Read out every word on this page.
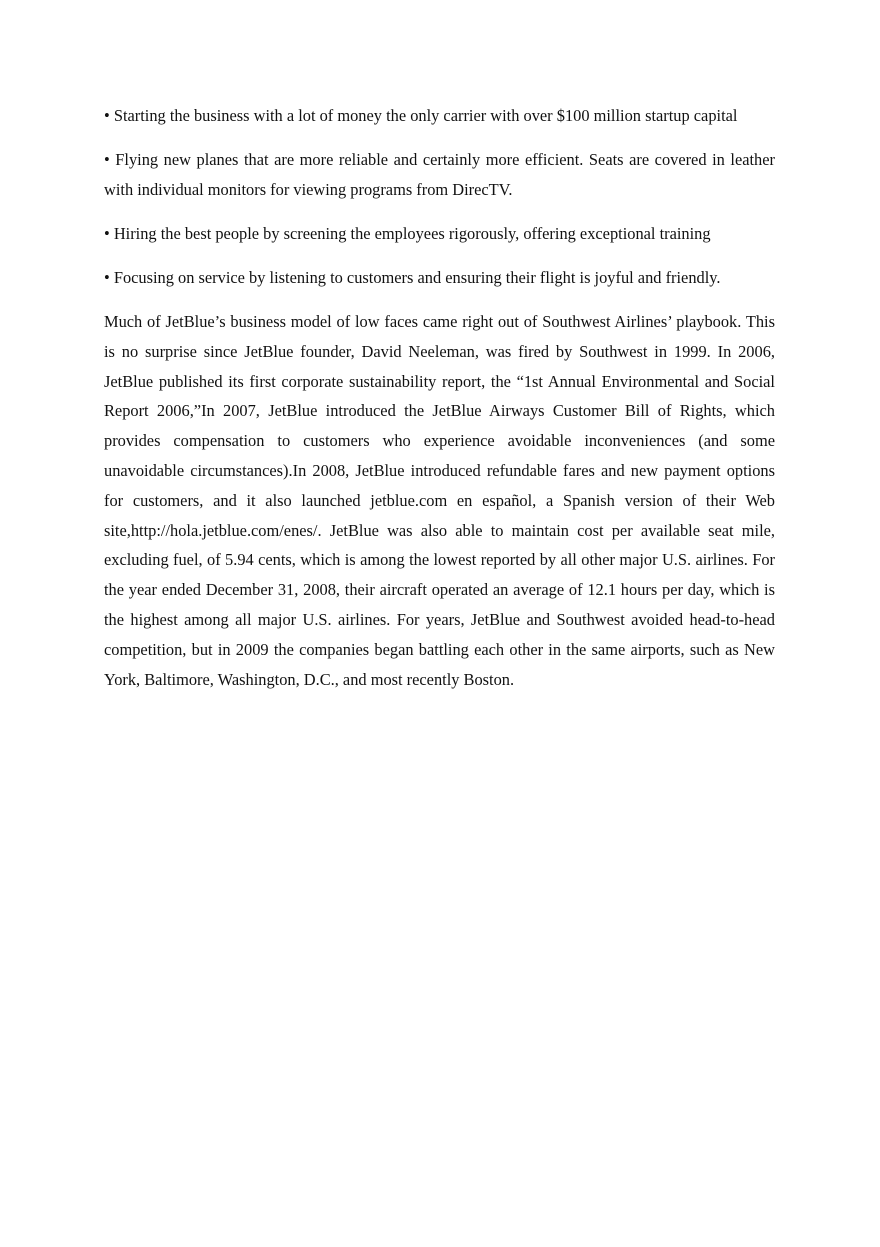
• Starting the business with a lot of money the only carrier with over $100 million startup capital

• Flying new planes that are more reliable and certainly more efficient. Seats are covered in leather with individual monitors for viewing programs from DirecTV.

• Hiring the best people by screening the employees rigorously, offering exceptional training

• Focusing on service by listening to customers and ensuring their flight is joyful and friendly.

Much of JetBlue’s business model of low faces came right out of Southwest Airlines’ playbook. This is no surprise since JetBlue founder, David Neeleman, was fired by Southwest in 1999. In 2006, JetBlue published its first corporate sustainability report, the “1st Annual Environmental and Social Report 2006,”In 2007, JetBlue introduced the JetBlue Airways Customer Bill of Rights, which provides compensation to customers who experience avoidable inconveniences (and some unavoidable circumstances).In 2008, JetBlue introduced refundable fares and new payment options for customers, and it also launched jetblue.com en español, a Spanish version of their Web site,http://hola.jetblue.com/enes/. JetBlue was also able to maintain cost per available seat mile, excluding fuel, of 5.94 cents, which is among the lowest reported by all other major U.S. airlines. For the year ended December 31, 2008, their aircraft operated an average of 12.1 hours per day, which is the highest among all major U.S. airlines. For years, JetBlue and Southwest avoided head-to-head competition, but in 2009 the companies began battling each other in the same airports, such as New York, Baltimore, Washington, D.C., and most recently Boston.
